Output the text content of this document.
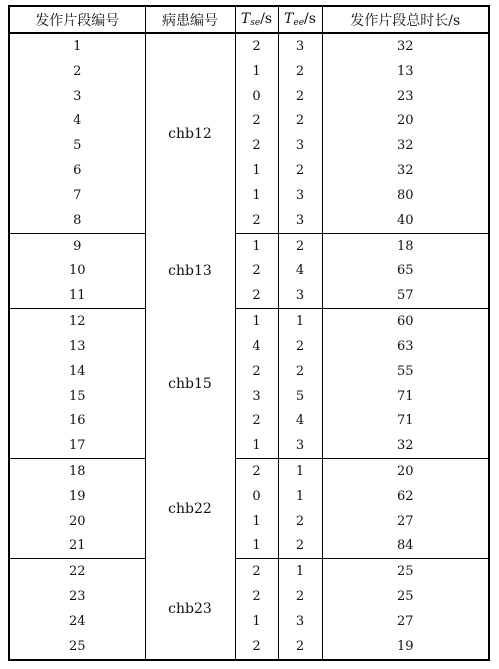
发作片段编号	病患编号	$T_{se}/s$	$T_{ee}/s$	发作片段总时长/s
1	chb12	2	3	32
2		1	2	13
3		0	2	23
4		2	2	20
5		2	3	32
6		1	2	32
7		1	3	80
8		2	3	40
9	chb13	1	2	18
10		2	4	65
11		2	3	57
12	chb15	1	1	60
13		4	2	63
14		2	2	55
15		3	5	71
16		2	4	71
17		1	3	32
18	chb22	2	1	20
19		0	1	62
20		1	2	27
21		1	2	84
22	chb23	2	1	25
23		2	2	25
24		1	3	27
25		2	2	19
